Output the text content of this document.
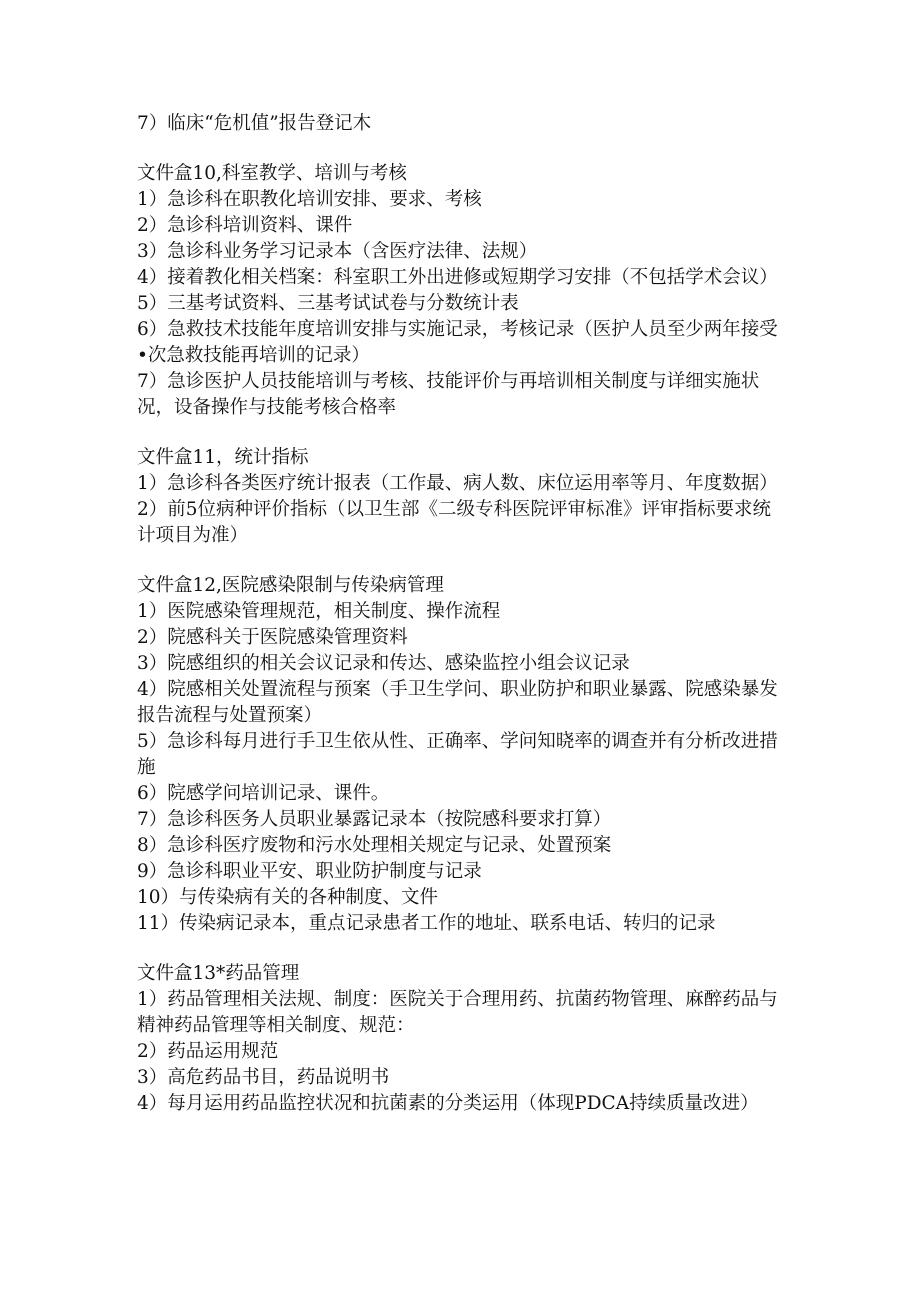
7）临床“危机值”报告登记木

文件盒10,科室教学、培训与考核

1）急诊科在职教化培训安排、要求、考核

2）急诊科培训资料、课件

3）急诊科业务学习记录本（含医疗法律、法规）

4）接着教化相关档案：科室职工外出进修或短期学习安排（不包括学术会议）

5）三基考试资料、三基考试试卷与分数统计表

6）急救技术技能年度培训安排与实施记录，考核记录（医护人员至少两年接受•次急救技能再培训的记录）

7）急诊医护人员技能培训与考核、技能评价与再培训相关制度与详细实施状况，设备操作与技能考核合格率

文件盒11，统计指标

1）急诊科各类医疗统计报表（工作最、病人数、床位运用率等月、年度数据）

2）前5位病种评价指标（以卫生部《二级专科医院评审标准》评审指标要求统计项目为准）

文件盒12,医院感染限制与传染病管理

1）医院感染管理规范，相关制度、操作流程

2）院感科关于医院感染管理资料

3）院感组织的相关会议记录和传达、感染监控小组会议记录

4）院感相关处置流程与预案（手卫生学问、职业防护和职业暴露、院感染暴发报告流程与处置预案）

5）急诊科每月进行手卫生依从性、正确率、学问知晓率的调查并有分析改进措施

6）院感学问培训记录、课件。

7）急诊科医务人员职业暴露记录本（按院感科要求打算）

8）急诊科医疗废物和污水处理相关规定与记录、处置预案

9）急诊科职业平安、职业防护制度与记录

10）与传染病有关的各种制度、文件

11）传染病记录本，重点记录患者工作的地址、联系电话、转归的记录

文件盒13*药品管理

1）药品管理相关法规、制度：医院关于合理用药、抗菌药物管理、麻醉药品与精神药品管理等相关制度、规范：

2）药品运用规范

3）高危药品书目，药品说明书

4）每月运用药品监控状况和抗菌素的分类运用（体现PDCA持续质量改进）
